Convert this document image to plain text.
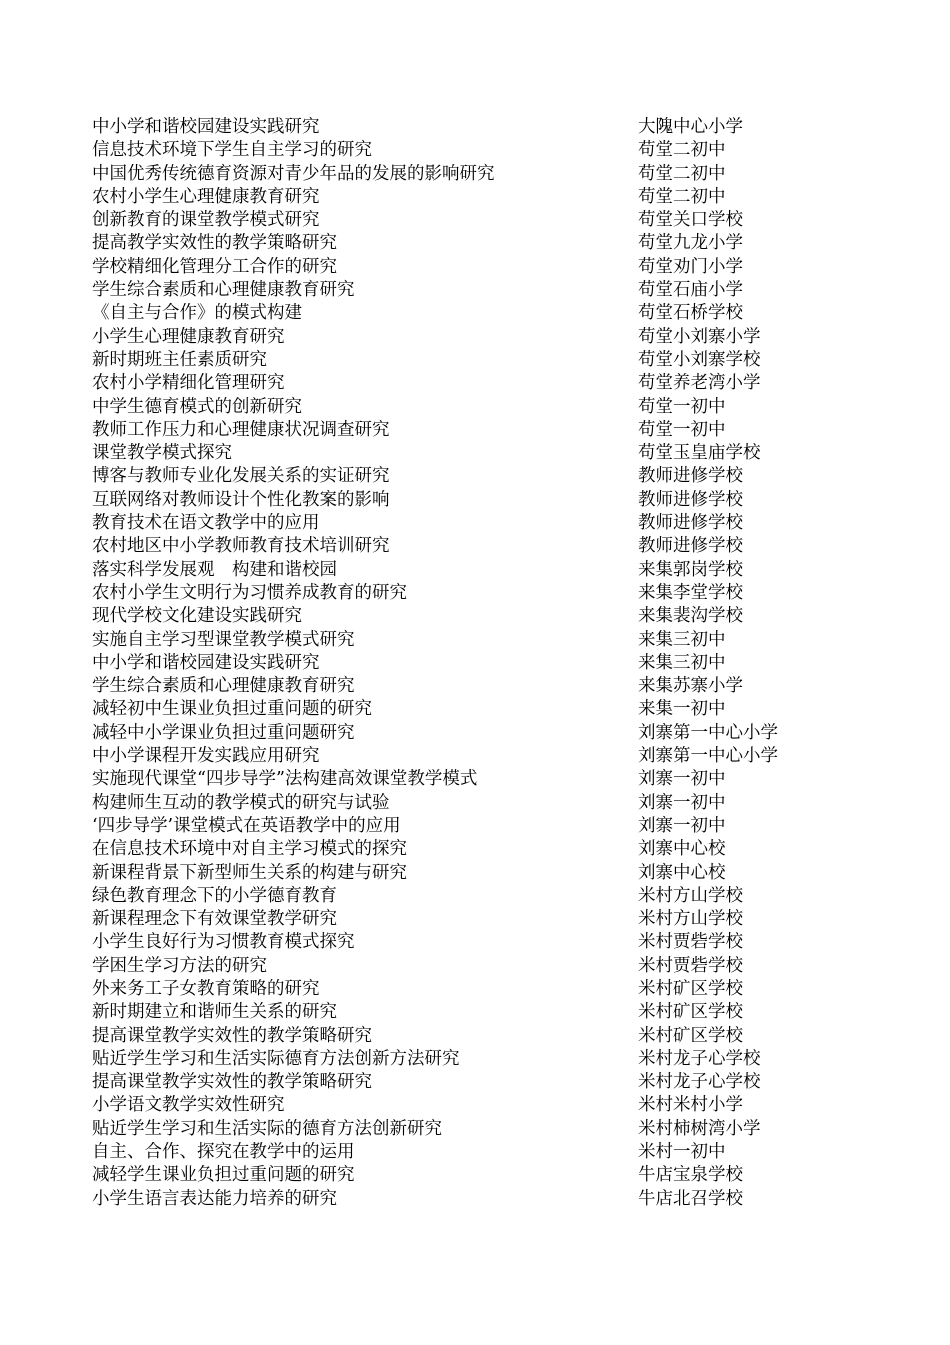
中小学和谐校园建设实践研究	大隗中心小学
信息技术环境下学生自主学习的研究	苟堂二初中
中国优秀传统德育资源对青少年品的发展的影响研究	苟堂二初中
农村小学生心理健康教育研究	苟堂二初中
创新教育的课堂教学模式研究	苟堂关口学校
提高教学实效性的教学策略研究	苟堂九龙小学
学校精细化管理分工合作的研究	苟堂劝门小学
学生综合素质和心理健康教育研究	苟堂石庙小学
《自主与合作》的模式构建	苟堂石桥学校
小学生心理健康教育研究	苟堂小刘寨小学
新时期班主任素质研究	苟堂小刘寨学校
农村小学精细化管理研究	苟堂养老湾小学
中学生德育模式的创新研究	苟堂一初中
教师工作压力和心理健康状况调查研究	苟堂一初中
课堂教学模式探究	苟堂玉皇庙学校
博客与教师专业化发展关系的实证研究	教师进修学校
互联网络对教师设计个性化教案的影响	教师进修学校
教育技术在语文教学中的应用	教师进修学校
农村地区中小学教师教育技术培训研究	教师进修学校
落实科学发展观　构建和谐校园	来集郭岗学校
农村小学生文明行为习惯养成教育的研究	来集李堂学校
现代学校文化建设实践研究	来集裴沟学校
实施自主学习型课堂教学模式研究	来集三初中
中小学和谐校园建设实践研究	来集三初中
学生综合素质和心理健康教育研究	来集苏寨小学
减轻初中生课业负担过重问题的研究	来集一初中
减轻中小学课业负担过重问题研究	刘寨第一中心小学
中小学课程开发实践应用研究	刘寨第一中心小学
实施现代课堂“四步导学”法构建高效课堂教学模式	刘寨一初中
构建师生互动的教学模式的研究与试验	刘寨一初中
‘四步导学’课堂模式在英语教学中的应用	刘寨一初中
在信息技术环境中对自主学习模式的探究	刘寨中心校
新课程背景下新型师生关系的构建与研究	刘寨中心校
绿色教育理念下的小学德育教育	米村方山学校
新课程理念下有效课堂教学研究	米村方山学校
小学生良好行为习惯教育模式探究	米村贾砦学校
学困生学习方法的研究	米村贾砦学校
外来务工子女教育策略的研究	米村矿区学校
新时期建立和谐师生关系的研究	米村矿区学校
提高课堂教学实效性的教学策略研究	米村矿区学校
贴近学生学习和生活实际德育方法创新方法研究	米村龙子心学校
提高课堂教学实效性的教学策略研究	米村龙子心学校
小学语文教学实效性研究	米村米村小学
贴近学生学习和生活实际的德育方法创新研究	米村柿树湾小学
自主、合作、探究在教学中的运用	米村一初中
减轻学生课业负担过重问题的研究	牛店宝泉学校
小学生语言表达能力培养的研究	牛店北召学校
